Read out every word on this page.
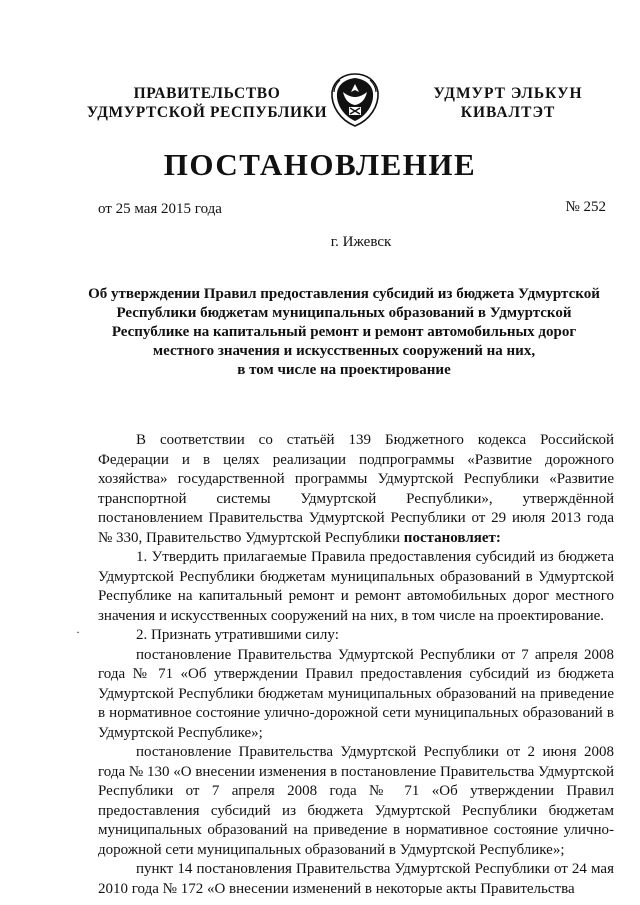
ПРАВИТЕЛЬСТВО
УДМУРТСКОЙ РЕСПУБЛИКИ
УДМУРТ ЭЛЬКУН
КИВАЛТЭТ
ПОСТАНОВЛЕНИЕ
от 25 мая 2015 года	№ 252
г. Ижевск
Об утверждении Правил предоставления субсидий из бюджета Удмуртской
Республики бюджетам муниципальных образований в Удмуртской
Республике на капитальный ремонт и ремонт автомобильных дорог
местного значения и искусственных сооружений на них,
в том числе на проектирование
·

В соответствии со статьёй 139 Бюджетного кодекса Российской Федерации и в целях реализации подпрограммы «Развитие дорожного хозяйства» государственной программы Удмуртской Республики «Развитие транспортной системы Удмуртской Республики», утверждённой постановлением Правительства Удмуртской Республики от 29 июля 2013 года № 330, Правительство Удмуртской Республики постановляет:

1. Утвердить прилагаемые Правила предоставления субсидий из бюджета Удмуртской Республики бюджетам муниципальных образований в Удмуртской Республике на капитальный ремонт и ремонт автомобильных дорог местного значения и искусственных сооружений на них, в том числе на проектирование.

2. Признать утратившими силу:

постановление Правительства Удмуртской Республики от 7 апреля 2008 года № 71 «Об утверждении Правил предоставления субсидий из бюджета Удмуртской Республики бюджетам муниципальных образований на приведение в нормативное состояние улично-дорожной сети муниципальных образований в Удмуртской Республике»;

постановление Правительства Удмуртской Республики от 2 июня 2008 года № 130 «О внесении изменения в постановление Правительства Удмуртской Республики от 7 апреля 2008 года № 71 «Об утверждении Правил предоставления субсидий из бюджета Удмуртской Республики бюджетам муниципальных образований на приведение в нормативное состояние улично-дорожной сети муниципальных образований в Удмуртской Республике»;

пункт 14 постановления Правительства Удмуртской Республики от 24 мая 2010 года № 172 «О внесении изменений в некоторые акты Правительства
